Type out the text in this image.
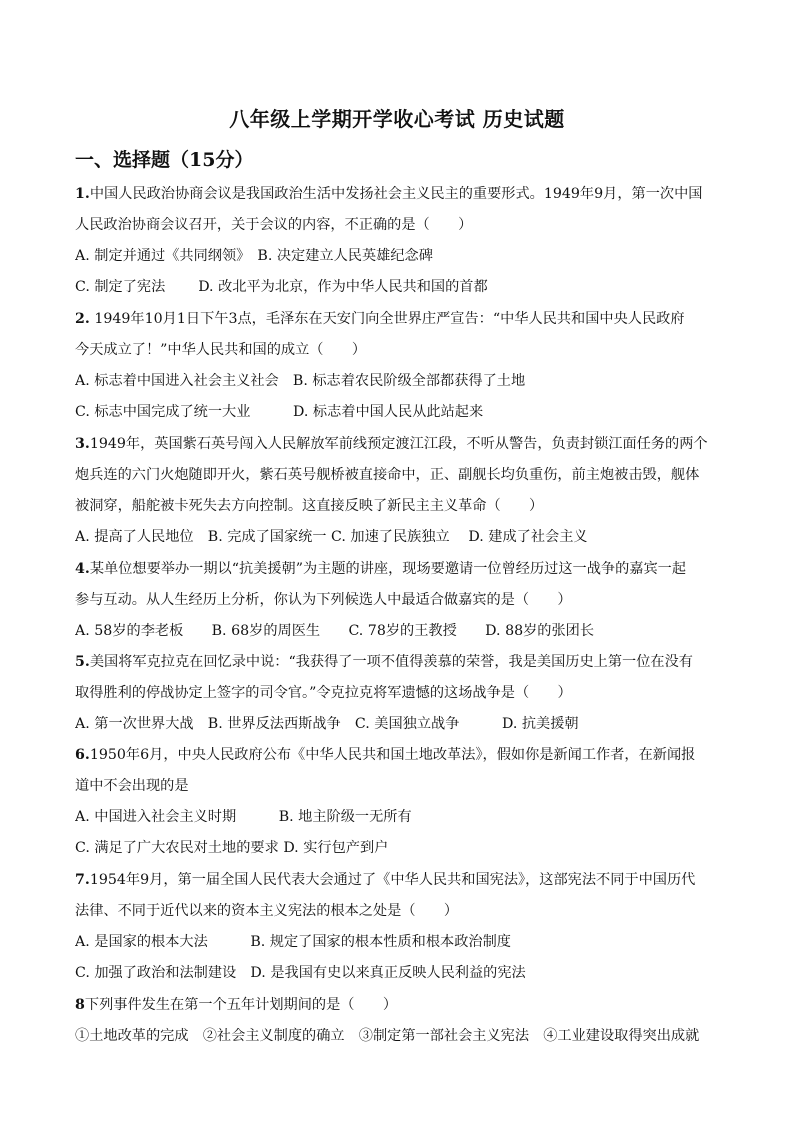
八年级上学期开学收心考试 历史试题
一、选择题（15分）
1.中国人民政治协商会议是我国政治生活中发扬社会主义民主的重要形式。1949年9月，第一次中国
人民政治协商会议召开，关于会议的内容，不正确的是（　　）
A. 制定并通过《共同纲领》　B. 决定建立人民英雄纪念碑
C. 制定了宪法　　 D. 改北平为北京，作为中华人民共和国的首都
2. 1949年10月1日下午3点，毛泽东在天安门向全世界庄严宣告：“中华人民共和国中央人民政府
今天成立了！”中华人民共和国的成立（　　）
A. 标志着中国进入社会主义社会　B. 标志着农民阶级全部都获得了土地
C. 标志中国完成了统一大业　　　D. 标志着中国人民从此站起来
3.1949年，英国紫石英号闯入人民解放军前线预定渡江江段，不听从警告，负责封锁江面任务的两个
炮兵连的六门火炮随即开火，紫石英号舰桥被直接命中，正、副舰长均负重伤，前主炮被击毁，舰体
被洞穿，船舵被卡死失去方向控制。这直接反映了新民主主义革命（　　）
A. 提高了人民地位　B. 完成了国家统一 C. 加速了民族独立　 D. 建成了社会主义
4.某单位想要举办一期以“抗美援朝”为主题的讲座，现场要邀请一位曾经历过这一战争的嘉宾一起
参与互动。从人生经历上分析，你认为下列候选人中最适合做嘉宾的是（　　）
A. 58岁的李老板　　B. 68岁的周医生　　C. 78岁的王教授　　D. 88岁的张团长
5.美国将军克拉克在回忆录中说：“我获得了一项不值得羡慕的荣誉，我是美国历史上第一位在没有
取得胜利的停战协定上签字的司令官。”令克拉克将军遗憾的这场战争是（　　）
A. 第一次世界大战　B. 世界反法西斯战争　C. 美国独立战争　　　D. 抗美援朝
6.1950年6月，中央人民政府公布《中华人民共和国土地改革法》，假如你是新闻工作者，在新闻报
道中不会出现的是
A. 中国进入社会主义时期　　　B. 地主阶级一无所有
C. 满足了广大农民对土地的要求 D. 实行包产到户
7.1954年9月，第一届全国人民代表大会通过了《中华人民共和国宪法》，这部宪法不同于中国历代
法律、不同于近代以来的资本主义宪法的根本之处是（　　）
A. 是国家的根本大法　　　B. 规定了国家的根本性质和根本政治制度
C. 加强了政治和法制建设　D. 是我国有史以来真正反映人民利益的宪法
8下列事件发生在第一个五年计划期间的是（　　）
①土地改革的完成　②社会主义制度的确立　③制定第一部社会主义宪法　④工业建设取得突出成就
